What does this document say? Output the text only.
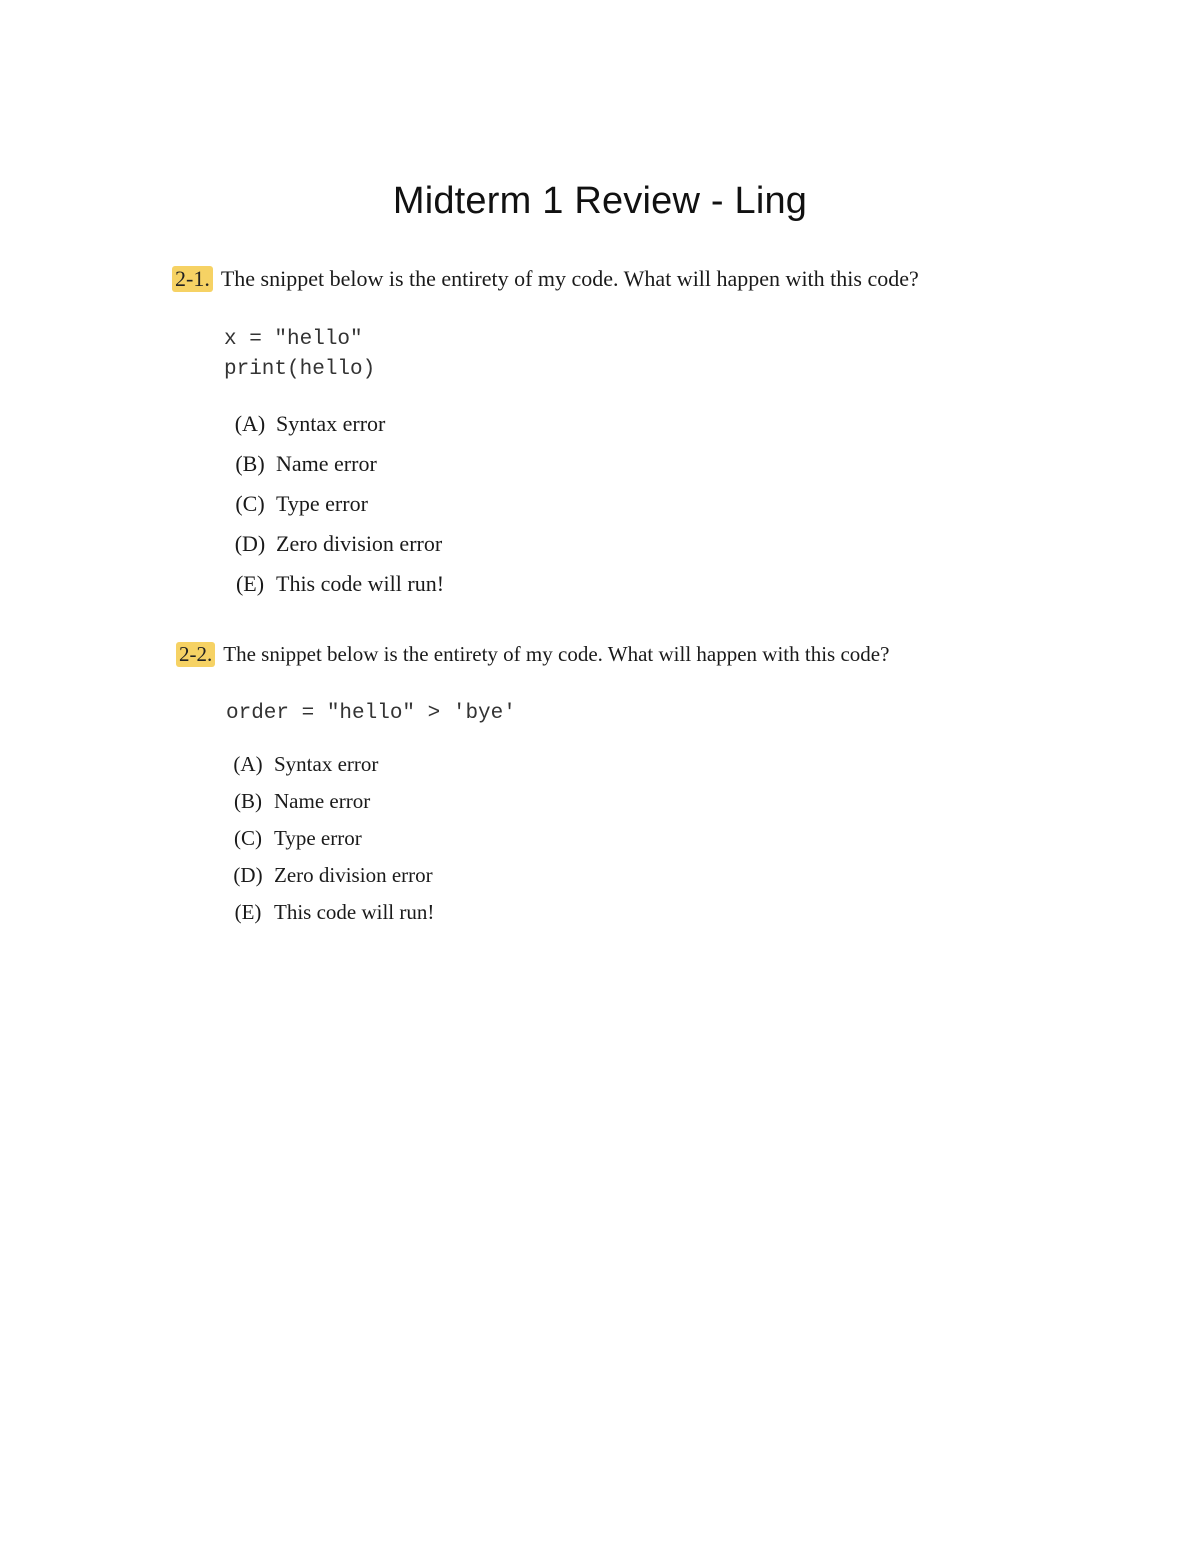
Midterm 1 Review - Ling
2-1. The snippet below is the entirety of my code. What will happen with this code?
x = "hello"
print(hello)
(A) Syntax error
(B) Name error
(C) Type error
(D) Zero division error
(E) This code will run!
2-2. The snippet below is the entirety of my code. What will happen with this code?
order = "hello" > 'bye'
(A) Syntax error
(B) Name error
(C) Type error
(D) Zero division error
(E) This code will run!
